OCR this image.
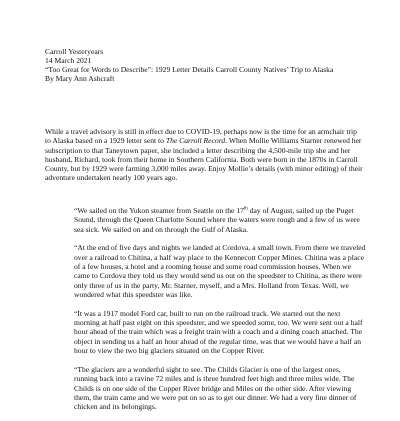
Carroll Yesteryears
14 March 2021
“Too Great for Words to Describe”: 1929 Letter Details Carroll County Natives’ Trip to Alaska
By Mary Ann Ashcraft

While a travel advisory is still in effect due to COVID-19, perhaps now is the time for an armchair trip to Alaska based on a 1929 letter sent to The Carroll Record. When Mollie Williams Starner renewed her subscription to that Taneytown paper, she included a letter describing the 4,500-mile trip she and her husband, Richard, took from their home in Southern California. Both were born in the 1870s in Carroll County, but by 1929 were farming 3,000 miles away. Enjoy Mollie’s details (with minor editing) of their adventure undertaken nearly 100 years ago.

“We sailed on the Yukon steamer from Seattle on the 17th day of August, sailed up the Puget Sound, through the Queen Charlotte Sound where the waters were rough and a few of us were sea sick. We sailed on and on through the Gulf of Alaska.

“At the end of five days and nights we landed at Cordova, a small town. From there we traveled over a railroad to Chitina, a half way place to the Kennecott Copper Mines. Chitina was a place of a few houses, a hotel and a rooming house and some road commission houses. When we came to Cordova they told us they would send us out on the speedster to Chitina, as there were only three of us in the party, Mr. Starner, myself, and a Mrs. Holland from Texas. Well, we wondered what this speedster was like.

“It was a 1917 model Ford car, built to run on the railroad track. We started out the next morning at half past eight on this speedster, and we speeded some, too. We were sent out a half hour ahead of the train which was a freight train with a coach and a dining coach attached. The object in sending us a half an hour ahead of the regular time, was that we would have a half an hour to view the two big glaciers situated on the Copper River.

“The glaciers are a wonderful sight to see. The Childs Glacier is one of the largest ones, running back into a ravine 72 miles and is three hundred feet high and three miles wide. The Childs is on one side of the Copper River bridge and Miles on the other side. After viewing them, the train came and we were put on so as to get our dinner. We had a very fine dinner of chicken and its belongings.
